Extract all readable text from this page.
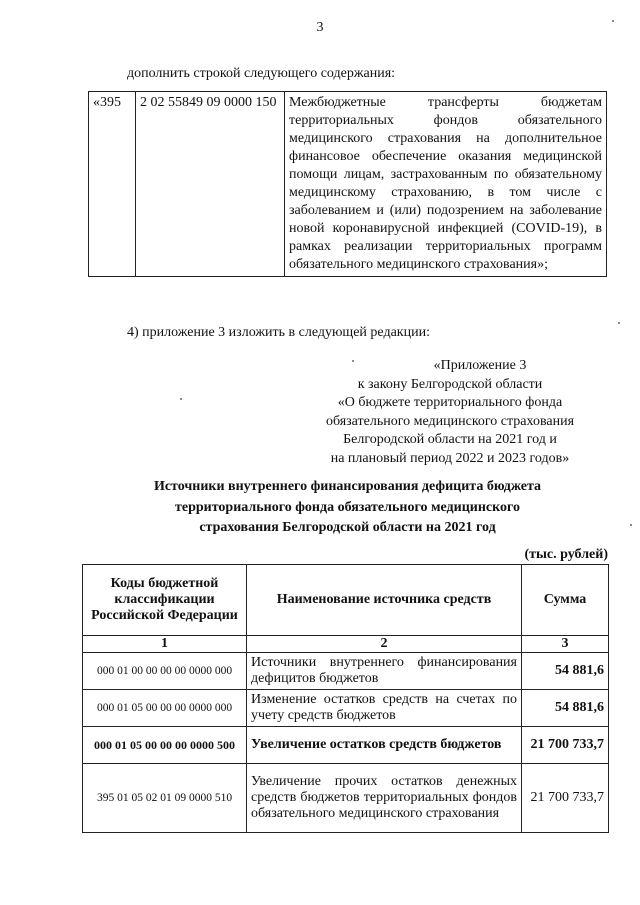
3
дополнить строкой следующего содержания:
«395	2 02 55849 09 0000 150	Межбюджетные трансферты бюджетам территориальных фондов обязательного медицинского страхования на дополнительное финансовое обеспечение оказания медицинской помощи лицам, застрахованным по обязательному медицинскому страхованию, в том числе с заболеванием и (или) подозрением на заболевание новой коронавирусной инфекцией (COVID-19), в рамках реализации территориальных программ обязательного медицинского страхования»;
4) приложение 3 изложить в следующей редакции:
«Приложение 3
к закону Белгородской области
«О бюджете территориального фонда
обязательного медицинского страхования
Белгородской области на 2021 год и
на плановый период 2022 и 2023 годов»
Источники внутреннего финансирования дефицита бюджета
территориального фонда обязательного медицинского
страхования Белгородской области на 2021 год
(тыс. рублей)
Коды бюджетной классификации Российской Федерации	Наименование источника средств	Сумма
1	2	3
000 01 00 00 00 00 0000 000	Источники внутреннего финансирования дефицитов бюджетов	54 881,6
000 01 05 00 00 00 0000 000	Изменение остатков средств на счетах по учету средств бюджетов	54 881,6
000 01 05 00 00 00 0000 500	Увеличение остатков средств бюджетов	21 700 733,7
395 01 05 02 01 09 0000 510	Увеличение прочих остатков денежных средств бюджетов территориальных фондов обязательного медицинского страхования	21 700 733,7
